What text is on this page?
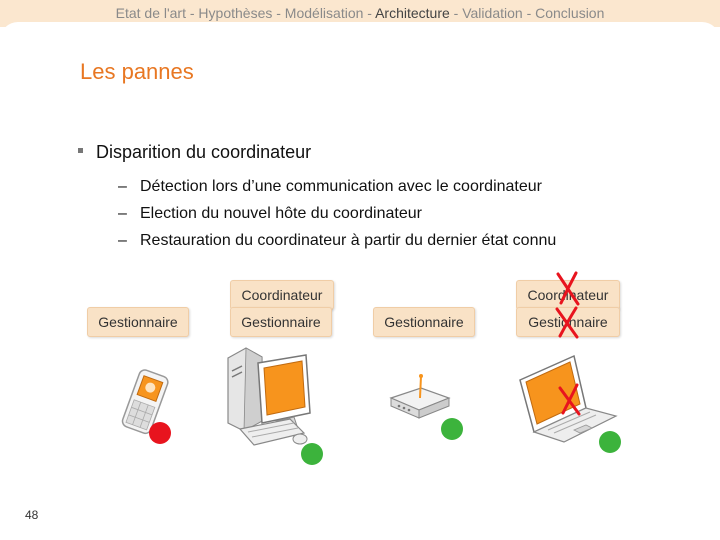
Etat de l'art - Hypothèses - Modélisation - Architecture - Validation - Conclusion
Les pannes
Disparition du coordinateur
– Détection lors d’une communication avec le coordinateur
– Election du nouvel hôte du coordinateur
– Restauration du coordinateur à partir du dernier état connu
Coordinateur	Coordinateur
Gestionnaire	Gestionnaire	Gestionnaire	Gestionnaire
48
